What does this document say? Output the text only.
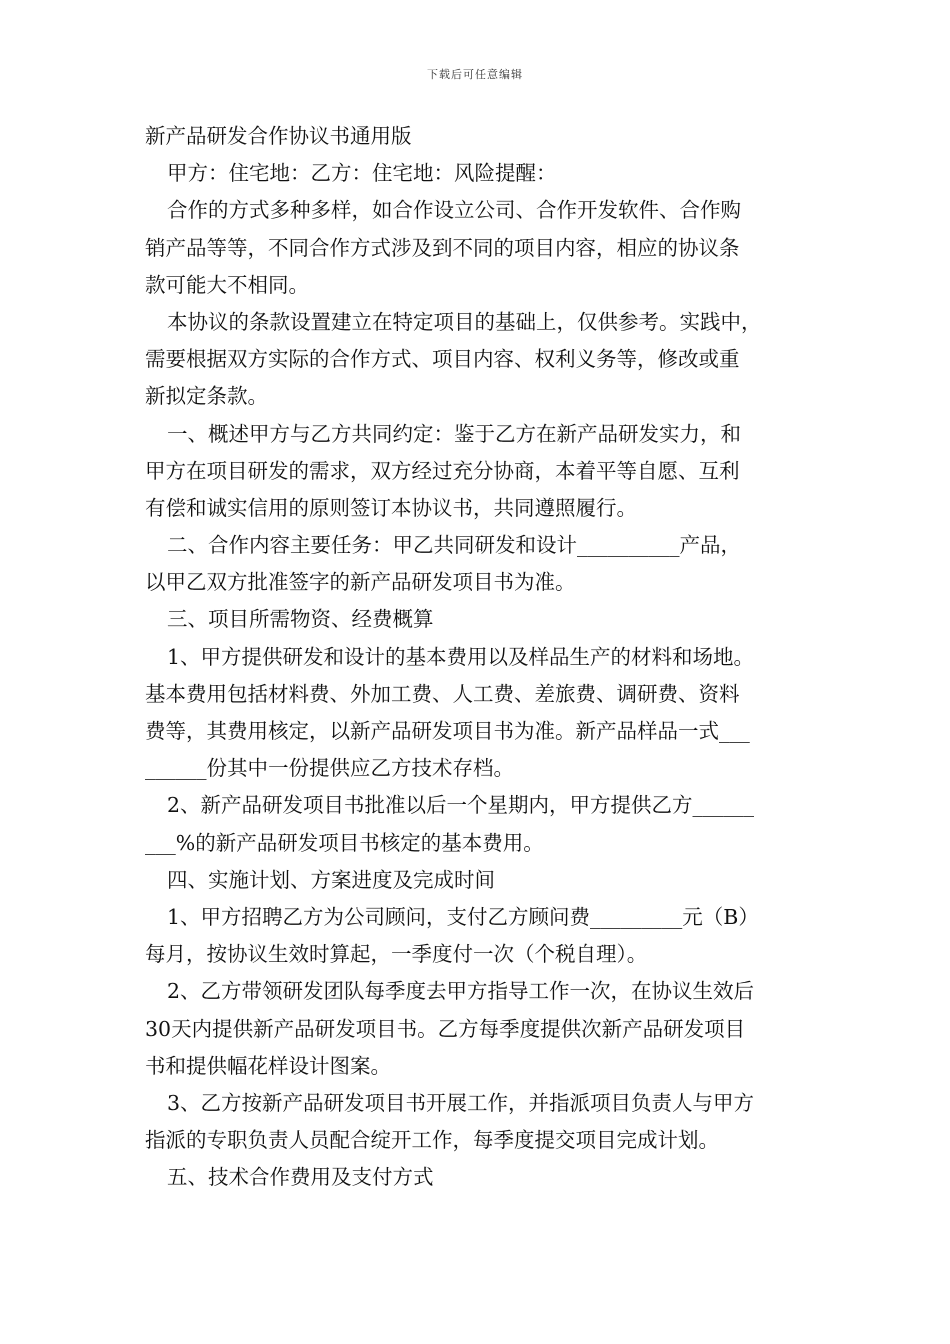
下载后可任意编辑
新产品研发合作协议书通用版
甲方：住宅地：乙方：住宅地：风险提醒：
合作的方式多种多样，如合作设立公司、合作开发软件、合作购
销产品等等，不同合作方式涉及到不同的项目内容，相应的协议条
款可能大不相同。
本协议的条款设置建立在特定项目的基础上，仅供参考。实践中，
需要根据双方实际的合作方式、项目内容、权利义务等，修改或重
新拟定条款。
一、概述甲方与乙方共同约定：鉴于乙方在新产品研发实力，和
甲方在项目研发的需求，双方经过充分协商，本着平等自愿、互利
有偿和诚实信用的原则签订本协议书，共同遵照履行。
二、合作内容主要任务：甲乙共同研发和设计__________产品，
以甲乙双方批准签字的新产品研发项目书为准。
三、项目所需物资、经费概算
1、甲方提供研发和设计的基本费用以及样品生产的材料和场地。
基本费用包括材料费、外加工费、人工费、差旅费、调研费、资料
费等，其费用核定，以新产品研发项目书为准。新产品样品一式___
______份其中一份提供应乙方技术存档。
2、新产品研发项目书批准以后一个星期内，甲方提供乙方______
___%的新产品研发项目书核定的基本费用。
四、实施计划、方案进度及完成时间
1、甲方招聘乙方为公司顾问，支付乙方顾问费_________元（B）
每月，按协议生效时算起，一季度付一次（个税自理）。
2、乙方带领研发团队每季度去甲方指导工作一次，在协议生效后
30天内提供新产品研发项目书。乙方每季度提供次新产品研发项目
书和提供幅花样设计图案。
3、乙方按新产品研发项目书开展工作，并指派项目负责人与甲方
指派的专职负责人员配合绽开工作，每季度提交项目完成计划。
五、技术合作费用及支付方式
